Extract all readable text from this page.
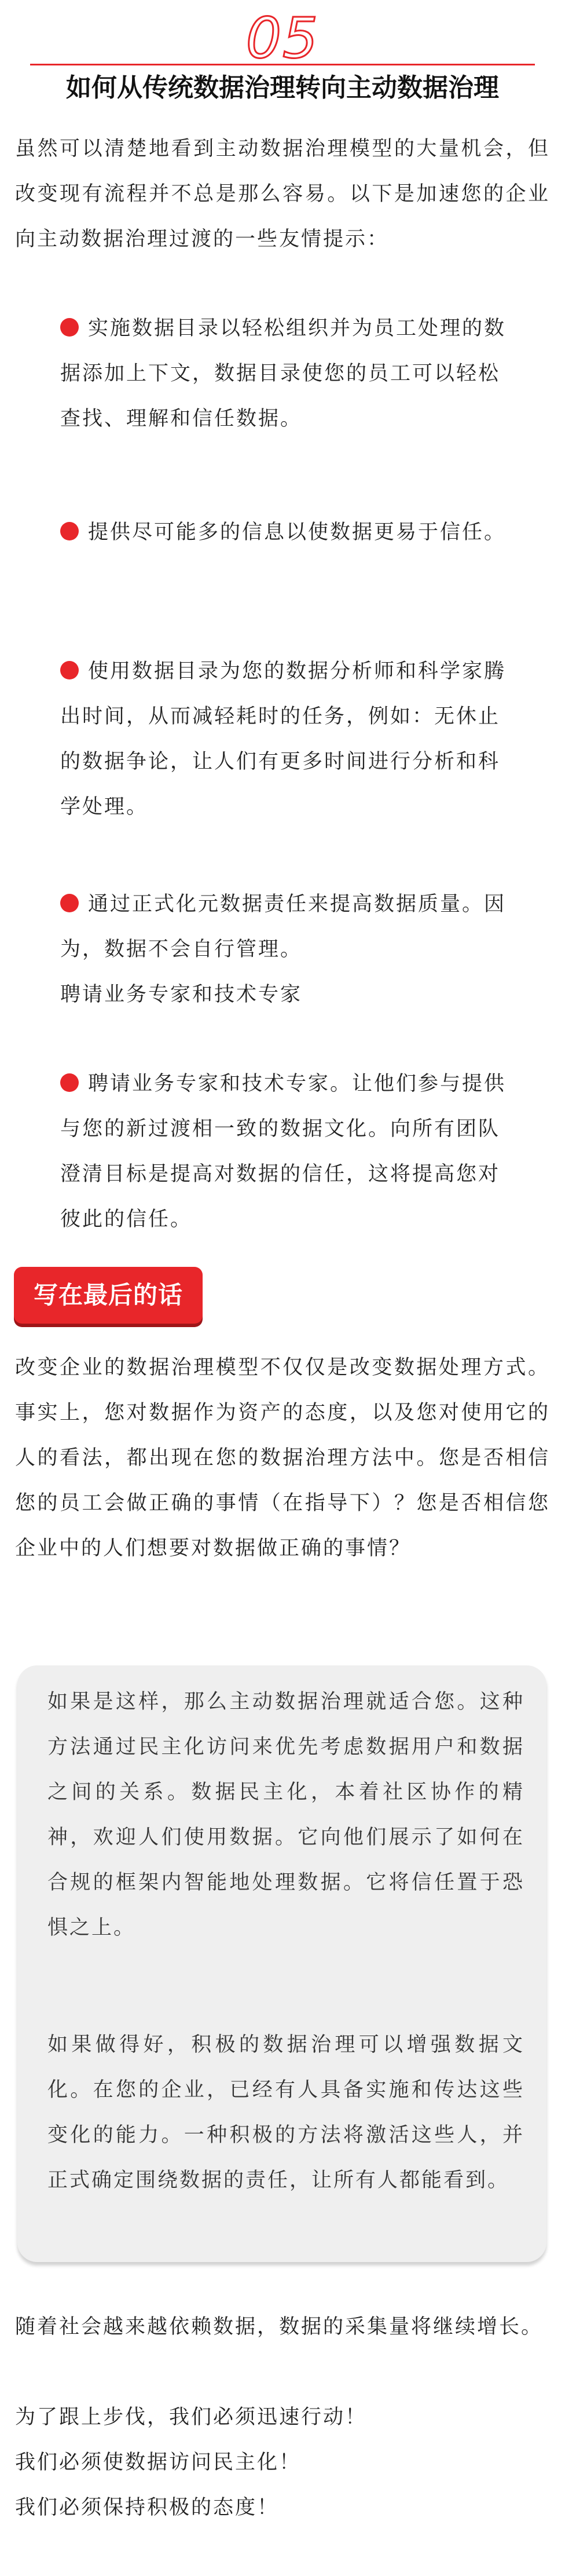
05
如何从传统数据治理转向主动数据治理

虽然可以清楚地看到主动数据治理模型的大量机会，但改变现有流程并不总是那么容易。以下是加速您的企业向主动数据治理过渡的一些友情提示：

实施数据目录以轻松组织并为员工处理的数据添加上下文，数据目录使您的员工可以轻松查找、理解和信任数据。

提供尽可能多的信息以使数据更易于信任。

使用数据目录为您的数据分析师和科学家腾出时间，从而减轻耗时的任务，例如：无休止的数据争论，让人们有更多时间进行分析和科学处理。

通过正式化元数据责任来提高数据质量。因为，数据不会自行管理。
聘请业务专家和技术专家

聘请业务专家和技术专家。让他们参与提供与您的新过渡相一致的数据文化。向所有团队澄清目标是提高对数据的信任，这将提高您对彼此的信任。

写在最后的话

改变企业的数据治理模型不仅仅是改变数据处理方式。事实上，您对数据作为资产的态度，以及您对使用它的人的看法，都出现在您的数据治理方法中。您是否相信您的员工会做正确的事情（在指导下）？您是否相信您企业中的人们想要对数据做正确的事情？

如果是这样，那么主动数据治理就适合您。这种方法通过民主化访问来优先考虑数据用户和数据之间的关系。数据民主化，本着社区协作的精神，欢迎人们使用数据。它向他们展示了如何在合规的框架内智能地处理数据。它将信任置于恐惧之上。

如果做得好，积极的数据治理可以增强数据文化。在您的企业，已经有人具备实施和传达这些变化的能力。一种积极的方法将激活这些人，并正式确定围绕数据的责任，让所有人都能看到。

随着社会越来越依赖数据，数据的采集量将继续增长。

为了跟上步伐，我们必须迅速行动！

我们必须使数据访问民主化！

我们必须保持积极的态度！
